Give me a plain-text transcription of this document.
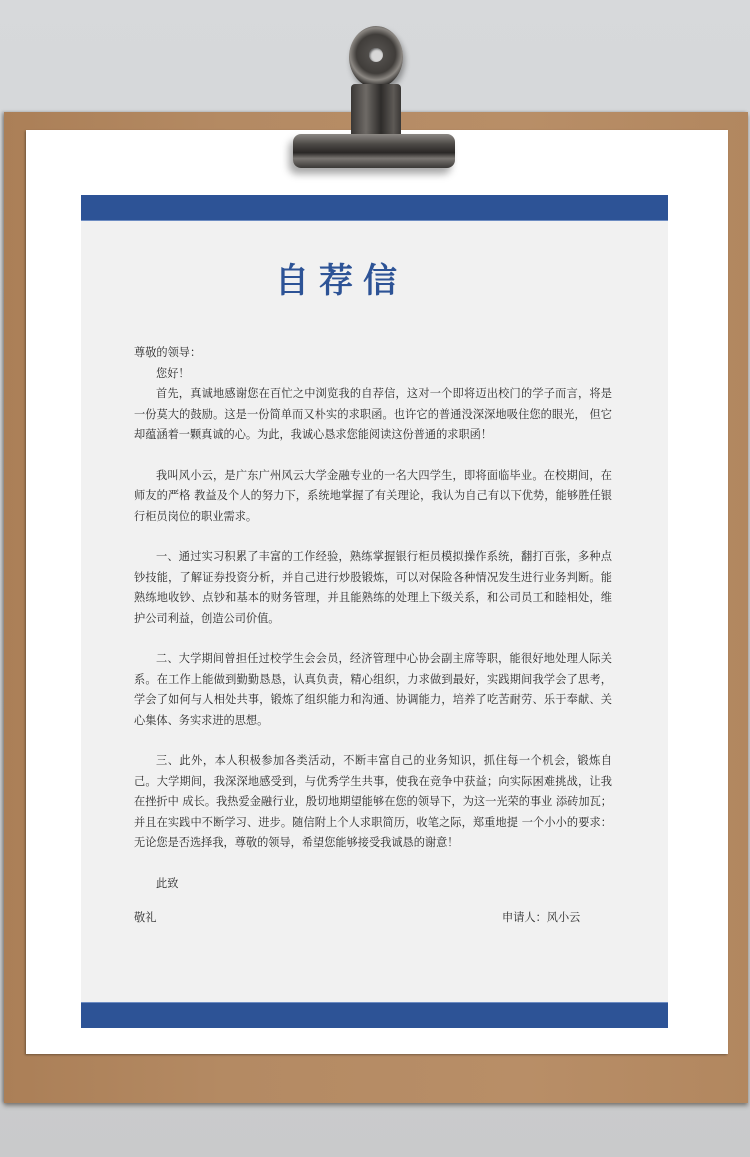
自荐信

尊敬的领导：

您好！

首先，真诚地感谢您在百忙之中浏览我的自荐信，这对一个即将迈出校门的学子而言，将是一份莫大的鼓励。这是一份简单而又朴实的求职函。也许它的普通没深深地吸住您的眼光， 但它却蕴涵着一颗真诚的心。为此，我诚心恳求您能阅读这份普通的求职函！

我叫风小云，是广东广州风云大学金融专业的一名大四学生，即将面临毕业。在校期间，在师友的严格 教益及个人的努力下，系统地掌握了有关理论，我认为自己有以下优势，能够胜任银行柜员岗位的职业需求。

一、通过实习积累了丰富的工作经验，熟练掌握银行柜员模拟操作系统，翻打百张，多种点钞技能，了解证券投资分析，并自己进行炒股锻炼，可以对保险各种情况发生进行业务判断。能熟练地收钞、点钞和基本的财务管理，并且能熟练的处理上下级关系，和公司员工和睦相处，维护公司利益，创造公司价值。

二、大学期间曾担任过校学生会会员，经济管理中心协会副主席等职，能很好地处理人际关系。在工作上能做到勤勤恳恳，认真负责，精心组织，力求做到最好，实践期间我学会了思考，学会了如何与人相处共事，锻炼了组织能力和沟通、协调能力，培养了吃苦耐劳、乐于奉献、关心集体、务实求进的思想。

三、此外，本人积极参加各类活动，不断丰富自己的业务知识，抓住每一个机会，锻炼自己。大学期间，我深深地感受到，与优秀学生共事，使我在竞争中获益；向实际困难挑战，让我在挫折中 成长。我热爱金融行业，殷切地期望能够在您的领导下，为这一光荣的事业 添砖加瓦；并且在实践中不断学习、进步。随信附上个人求职简历，收笔之际，郑重地提 一个小小的要求：无论您是否选择我，尊敬的领导，希望您能够接受我诚恳的谢意！

此致

敬礼	申请人：风小云
